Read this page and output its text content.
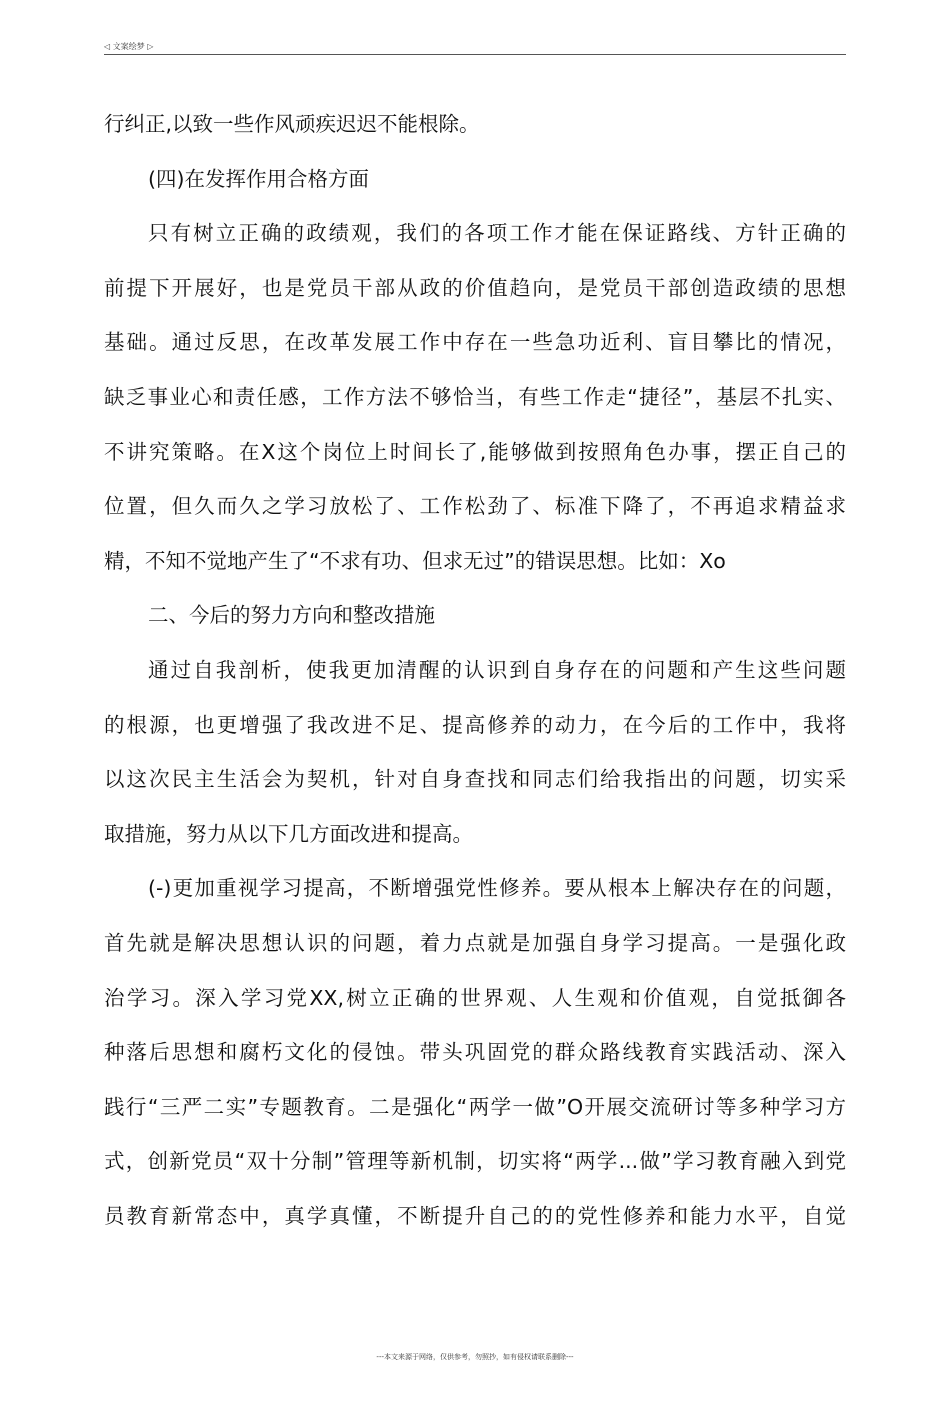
◁ 文案绘梦 ▷
行纠正,以致一些作风顽疾迟迟不能根除。
(四)在发挥作用合格方面
只有树立正确的政绩观，我们的各项工作才能在保证路线、方针正确的
前提下开展好，也是党员干部从政的价值趋向，是党员干部创造政绩的思想
基础。通过反思，在改革发展工作中存在一些急功近利、盲目攀比的情况，
缺乏事业心和责任感，工作方法不够恰当，有些工作走“捷径”，基层不扎实、
不讲究策略。在X这个岗位上时间长了,能够做到按照角色办事，摆正自己的
位置，但久而久之学习放松了、工作松劲了、标准下降了，不再追求精益求
精，不知不觉地产生了“不求有功、但求无过”的错误思想。比如：Xo
二、今后的努力方向和整改措施
通过自我剖析，使我更加清醒的认识到自身存在的问题和产生这些问题
的根源，也更增强了我改进不足、提高修养的动力，在今后的工作中，我将
以这次民主生活会为契机，针对自身查找和同志们给我指出的问题，切实采
取措施，努力从以下几方面改进和提高。
(-)更加重视学习提高，不断增强党性修养。要从根本上解决存在的问题，
首先就是解决思想认识的问题，着力点就是加强自身学习提高。一是强化政
治学习。深入学习党XX,树立正确的世界观、人生观和价值观，自觉抵御各
种落后思想和腐朽文化的侵蚀。带头巩固党的群众路线教育实践活动、深入
践行“三严二实”专题教育。二是强化“两学一做”O开展交流研讨等多种学习方
式，创新党员“双十分制”管理等新机制，切实将“两学...做”学习教育融入到党
员教育新常态中，真学真懂，不断提升自己的的党性修养和能力水平，自觉
---本文来源于网络，仅供参考，勿照抄，如有侵权请联系删除---
